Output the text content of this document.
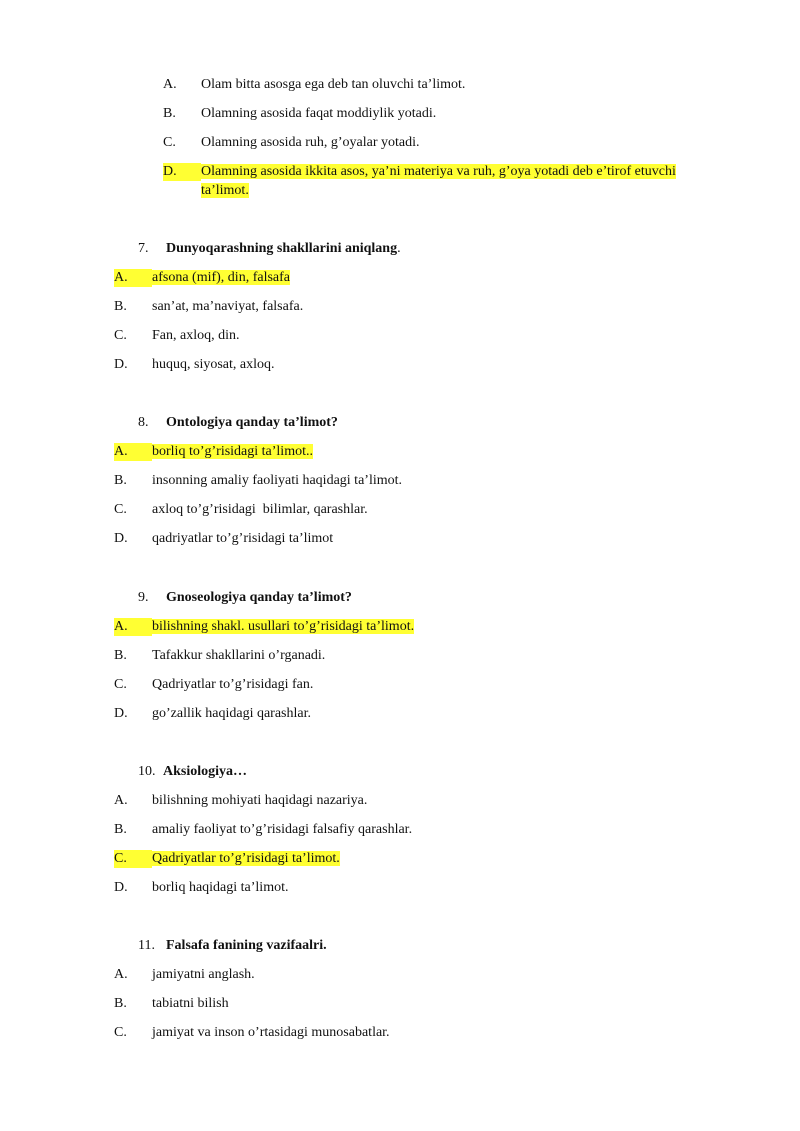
A. Olam bitta asosga ega deb tan oluvchi ta’limot.
B. Olamning asosida faqat moddiylik yotadi.
C. Olamning asosida ruh, g’oyalar yotadi.
D. Olamning asosida ikkita asos, ya’ni materiya va ruh, g’oya yotadi deb e’tirof etuvchi
ta’limot.
7. Dunyoqarashning shakllarini aniqlang.
A. afsona (mif), din, falsafa
B. san’at, ma’naviyat, falsafa.
C. Fan, axloq, din.
D. huquq, siyosat, axloq.
8. Ontologiya qanday ta’limot?
A. borliq to’g’risidagi ta’limot..
B. insonning amaliy faoliyati haqidagi ta’limot.
C. axloq to’g’risidagi  bilimlar, qarashlar.
D. qadriyatlar to’g’risidagi ta’limot
9. Gnoseologiya qanday ta’limot?
A. bilishning shakl. usullari to’g’risidagi ta’limot.
B. Tafakkur shakllarini o’rganadi.
C. Qadriyatlar to’g’risidagi fan.
D. go’zallik haqidagi qarashlar.
10. Aksiologiya…
A. bilishning mohiyati haqidagi nazariya.
B. amaliy faoliyat to’g’risidagi falsafiy qarashlar.
C. Qadriyatlar to’g’risidagi ta’limot.
D. borliq haqidagi ta’limot.
11. Falsafa fanining vazifaalri.
A. jamiyatni anglash.
B. tabiatni bilish
C. jamiyat va inson o’rtasidagi munosabatlar.
